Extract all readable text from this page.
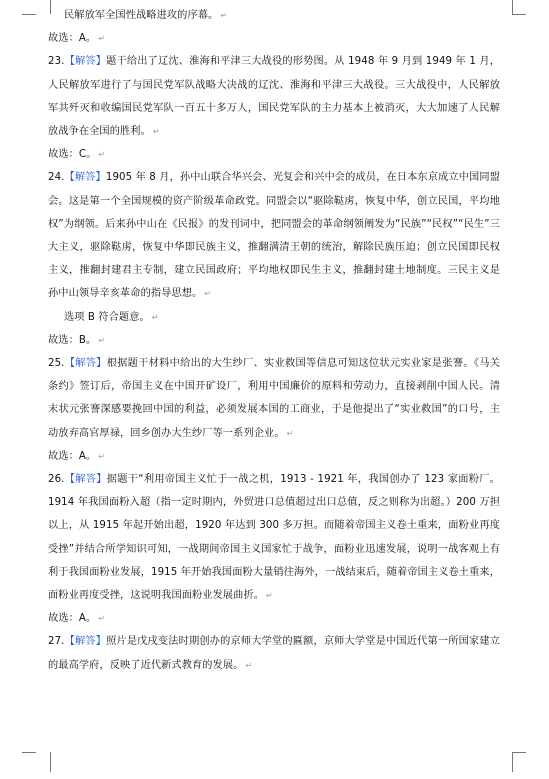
民解放军全国性战略进攻的序幕。 ↵

故选：A。 ↵

23.【解答】题干给出了辽沈、淮海和平津三大战役的形势图。从 1948 年 9 月到 1949 年 1 月，人民解放军进行了与国民党军队战略大决战的辽沈、淮海和平津三大战役。三大战役中，人民解放军共歼灭和收编国民党军队一百五十多万人，国民党军队的主力基本上被消灭，大大加速了人民解放战争在全国的胜利。 ↵

故选：C。 ↵

24.【解答】1905 年 8 月，孙中山联合华兴会、光复会和兴中会的成员，在日本东京成立中国同盟会。这是第一个全国规模的资产阶级革命政党。同盟会以“驱除鞑虏，恢复中华，创立民国，平均地权”为纲领。后来孙中山在《民报》的发刊词中，把同盟会的革命纲领阐发为“民族”“民权”“民生”三大主义，驱除鞑虏，恢复中华即民族主义，推翻满清王朝的统治，解除民族压迫；创立民国即民权主义，推翻封建君主专制，建立民国政府；平均地权即民生主义，推翻封建土地制度。三民主义是孙中山领导辛亥革命的指导思想。 ↵

选项 B 符合题意。 ↵

故选：B。 ↵

25.【解答】根据题干材料中给出的大生纱厂、实业救国等信息可知这位状元实业家是张謇。《马关条约》签订后，帝国主义在中国开矿设厂，利用中国廉价的原料和劳动力，直接剥削中国人民。清末状元张謇深感要挽回中国的利益，必须发展本国的工商业，于是他提出了“实业救国”的口号，主动放弃高官厚禄，回乡创办大生纱厂等一系列企业。 ↵

故选：A。 ↵

26.【解答】据题干“利用帝国主义忙于一战之机，1913 - 1921 年，我国创办了 123 家面粉厂。1914 年我国面粉入超（指一定时期内，外贸进口总值超过出口总值，反之则称为出超。）200 万担以上，从 1915 年起开始出超，1920 年达到 300 多万担。而随着帝国主义卷土重来，面粉业再度受挫”并结合所学知识可知，一战期间帝国主义国家忙于战争，面粉业迅速发展，说明一战客观上有利于我国面粉业发展，1915 年开始我国面粉大量销往海外，一战结束后，随着帝国主义卷土重来，面粉业再度受挫，这说明我国面粉业发展曲折。 ↵

故选：A。 ↵

27.【解答】照片是戊戌变法时期创办的京师大学堂的匾额，京师大学堂是中国近代第一所国家建立的最高学府，反映了近代新式教育的发展。 ↵
